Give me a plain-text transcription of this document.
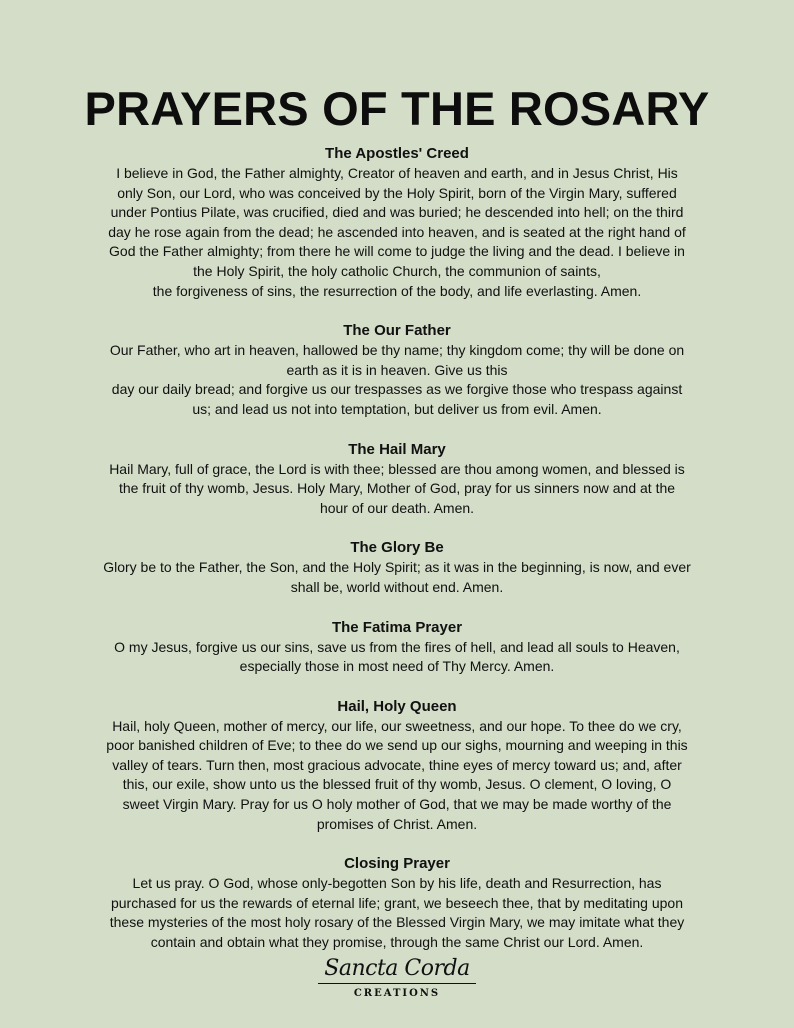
PRAYERS OF THE ROSARY
The Apostles' Creed
I believe in God, the Father almighty, Creator of heaven and earth, and in Jesus Christ, His
only Son, our Lord, who was conceived by the Holy Spirit, born of the Virgin Mary, suffered
under Pontius Pilate, was crucified, died and was buried; he descended into hell; on the third
day he rose again from the dead; he ascended into heaven, and is seated at the right hand of
God the Father almighty; from there he will come to judge the living and the dead. I believe in
the Holy Spirit, the holy catholic Church, the communion of saints,
the forgiveness of sins, the resurrection of the body, and life everlasting. Amen.
The Our Father
Our Father, who art in heaven, hallowed be thy name; thy kingdom come; thy will be done on
earth as it is in heaven. Give us this
day our daily bread; and forgive us our trespasses as we forgive those who trespass against
us; and lead us not into temptation, but deliver us from evil. Amen.
The Hail Mary
Hail Mary, full of grace, the Lord is with thee; blessed are thou among women, and blessed is
the fruit of thy womb, Jesus. Holy Mary, Mother of God, pray for us sinners now and at the
hour of our death. Amen.
The Glory Be
Glory be to the Father, the Son, and the Holy Spirit; as it was in the beginning, is now, and ever
shall be, world without end. Amen.
The Fatima Prayer
O my Jesus, forgive us our sins, save us from the fires of hell, and lead all souls to Heaven,
especially those in most need of Thy Mercy. Amen.
Hail, Holy Queen
Hail, holy Queen, mother of mercy, our life, our sweetness, and our hope. To thee do we cry,
poor banished children of Eve; to thee do we send up our sighs, mourning and weeping in this
valley of tears. Turn then, most gracious advocate, thine eyes of mercy toward us; and, after
this, our exile, show unto us the blessed fruit of thy womb, Jesus. O clement, O loving, O
sweet Virgin Mary. Pray for us O holy mother of God, that we may be made worthy of the
promises of Christ. Amen.
Closing Prayer
Let us pray. O God, whose only-begotten Son by his life, death and Resurrection, has
purchased for us the rewards of eternal life; grant, we beseech thee, that by meditating upon
these mysteries of the most holy rosary of the Blessed Virgin Mary, we may imitate what they
contain and obtain what they promise, through the same Christ our Lord. Amen.
Sancta Corda
CREATIONS
